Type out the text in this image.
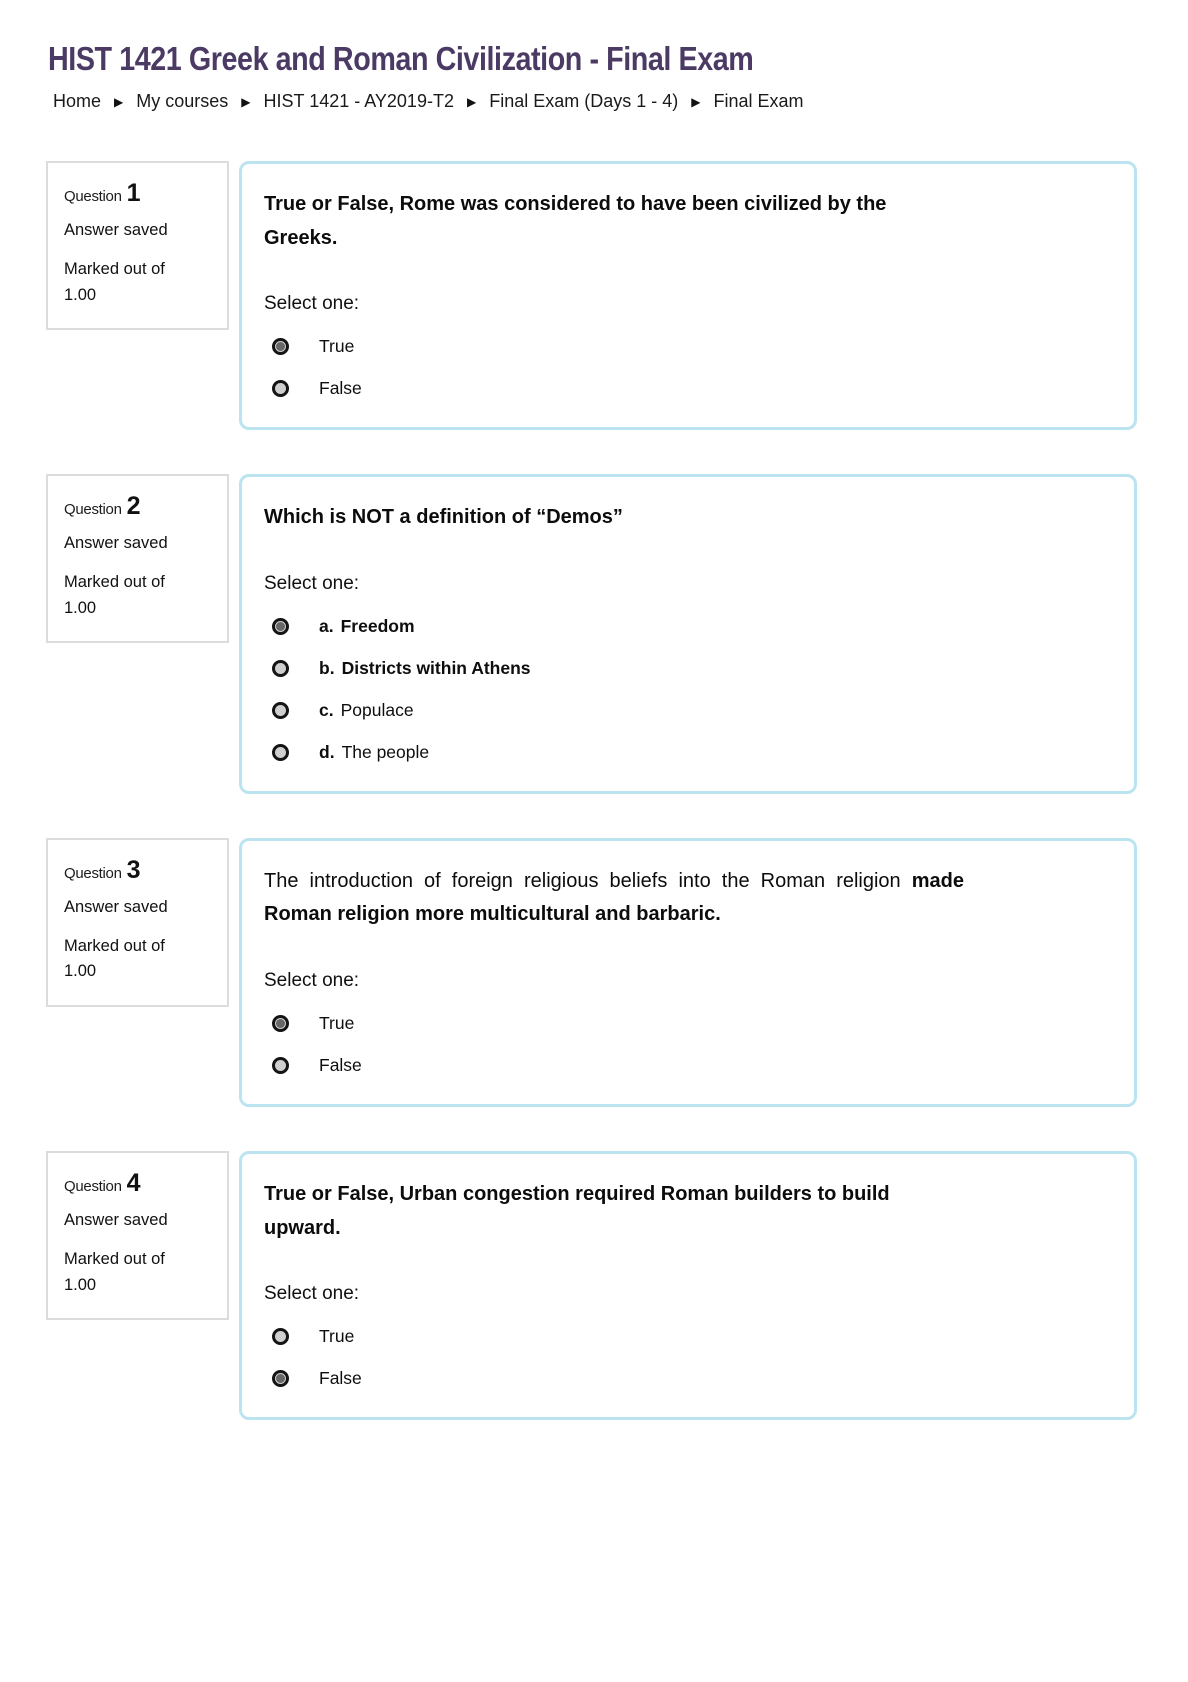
HIST 1421 Greek and Roman Civilization - Final Exam
Home ▶ My courses ▶ HIST 1421 - AY2019-T2 ▶ Final Exam (Days 1 - 4) ▶ Final Exam
Question 1
Answer saved
Marked out of 1.00

True or False, Rome was considered to have been civilized by the Greeks.

Select one:

True
False
Question 2
Answer saved
Marked out of 1.00

Which is NOT a definition of “Demos”

Select one:

a. Freedom
b. Districts within Athens
c. Populace
d. The people
Question 3
Answer saved
Marked out of 1.00

The introduction of foreign religious beliefs into the Roman religion made Roman religion more multicultural and barbaric.

Select one:

True
False
Question 4
Answer saved
Marked out of 1.00

True or False, Urban congestion required Roman builders to build upward.

Select one:

True
False
